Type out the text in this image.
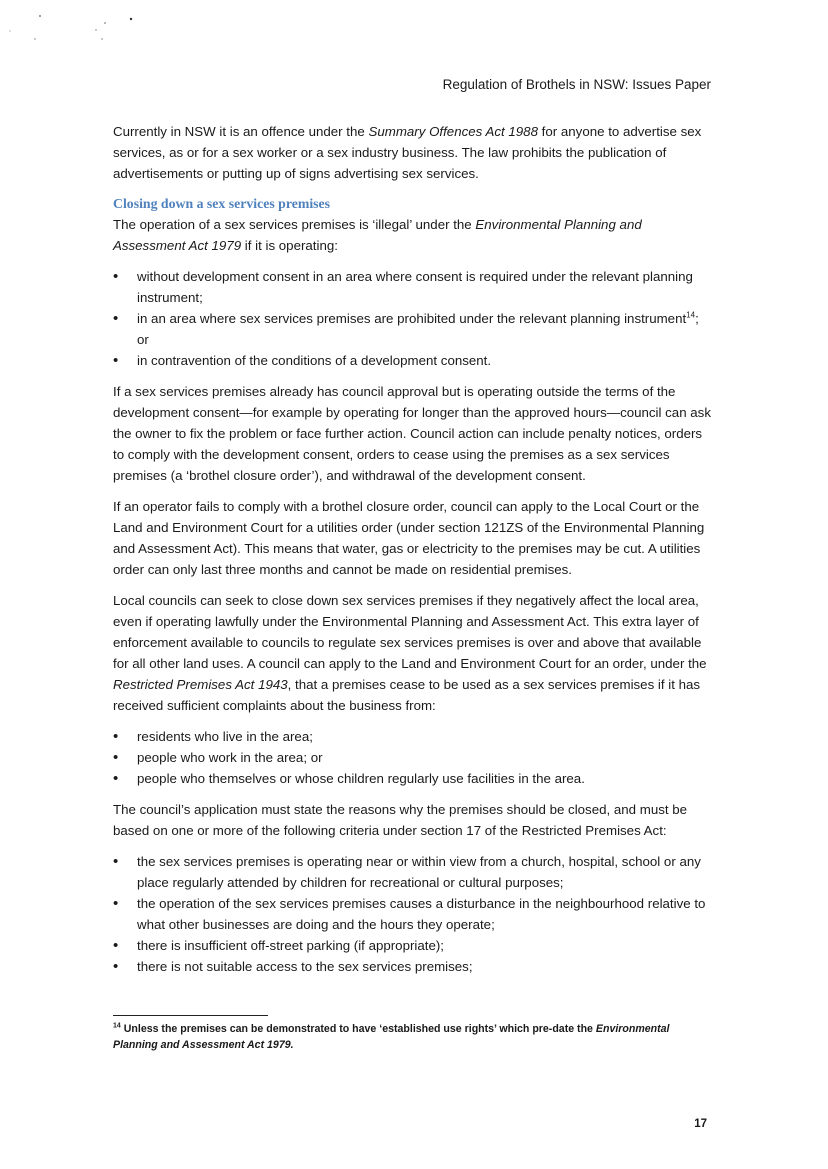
Regulation of Brothels in NSW: Issues Paper

Currently in NSW it is an offence under the Summary Offences Act 1988 for anyone to advertise sex services, as or for a sex worker or a sex industry business. The law prohibits the publication of advertisements or putting up of signs advertising sex services.

Closing down a sex services premises

The operation of a sex services premises is ‘illegal’ under the Environmental Planning and Assessment Act 1979 if it is operating:

• without development consent in an area where consent is required under the relevant planning instrument;
• in an area where sex services premises are prohibited under the relevant planning instrument$^{14}$; or
• in contravention of the conditions of a development consent.

If a sex services premises already has council approval but is operating outside the terms of the development consent—for example by operating for longer than the approved hours—council can ask the owner to fix the problem or face further action. Council action can include penalty notices, orders to comply with the development consent, orders to cease using the premises as a sex services premises (a ‘brothel closure order’), and withdrawal of the development consent.

If an operator fails to comply with a brothel closure order, council can apply to the Local Court or the Land and Environment Court for a utilities order (under section 121ZS of the Environmental Planning and Assessment Act). This means that water, gas or electricity to the premises may be cut. A utilities order can only last three months and cannot be made on residential premises.

Local councils can seek to close down sex services premises if they negatively affect the local area, even if operating lawfully under the Environmental Planning and Assessment Act. This extra layer of enforcement available to councils to regulate sex services premises is over and above that available for all other land uses. A council can apply to the Land and Environment Court for an order, under the Restricted Premises Act 1943, that a premises cease to be used as a sex services premises if it has received sufficient complaints about the business from:

• residents who live in the area;
• people who work in the area; or
• people who themselves or whose children regularly use facilities in the area.

The council’s application must state the reasons why the premises should be closed, and must be based on one or more of the following criteria under section 17 of the Restricted Premises Act:

• the sex services premises is operating near or within view from a church, hospital, school or any place regularly attended by children for recreational or cultural purposes;
• the operation of the sex services premises causes a disturbance in the neighbourhood relative to what other businesses are doing and the hours they operate;
• there is insufficient off-street parking (if appropriate);
• there is not suitable access to the sex services premises;
$^{14}$ Unless the premises can be demonstrated to have ‘established use rights’ which pre-date the Environmental Planning and Assessment Act 1979.
17
